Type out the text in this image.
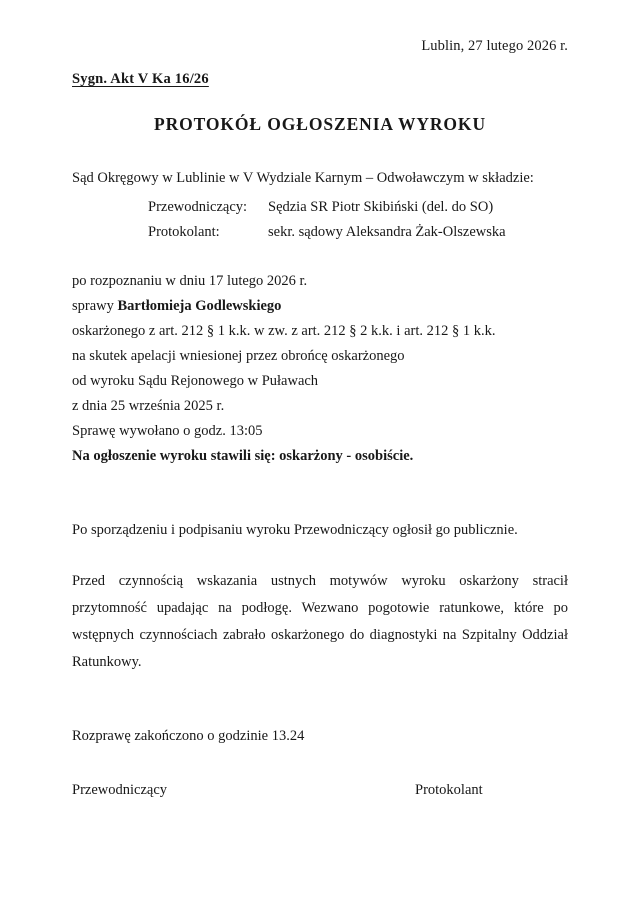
Lublin, 27 lutego 2026 r.
Sygn. Akt V Ka 16/26
PROTOKÓŁ OGŁOSZENIA WYROKU
Sąd Okręgowy w Lublinie w V Wydziale Karnym – Odwoławczym w składzie:
Przewodniczący:	Sędzia SR Piotr Skibiński (del. do SO)
Protokolant:	sekr. sądowy Aleksandra Żak-Olszewska
po rozpoznaniu w dniu 17 lutego 2026 r.
sprawy Bartłomieja Godlewskiego
oskarżonego z art. 212 § 1 k.k. w zw. z art. 212 § 2 k.k. i art. 212 § 1 k.k.
na skutek apelacji wniesionej przez obrońcę oskarżonego
od wyroku Sądu Rejonowego w Puławach
z dnia 25 września 2025 r.
Sprawę wywołano o godz. 13:05
Na ogłoszenie wyroku stawili się: oskarżony - osobiście.
Po sporządzeniu i podpisaniu wyroku Przewodniczący ogłosił go publicznie.
Przed czynnością wskazania ustnych motywów wyroku oskarżony stracił przytomność upadając na podłogę. Wezwano pogotowie ratunkowe, które po wstępnych czynnościach zabrało oskarżonego do diagnostyki na Szpitalny Oddział Ratunkowy.
Rozprawę zakończono o godzinie 13.24
Przewodniczący	Protokolant
